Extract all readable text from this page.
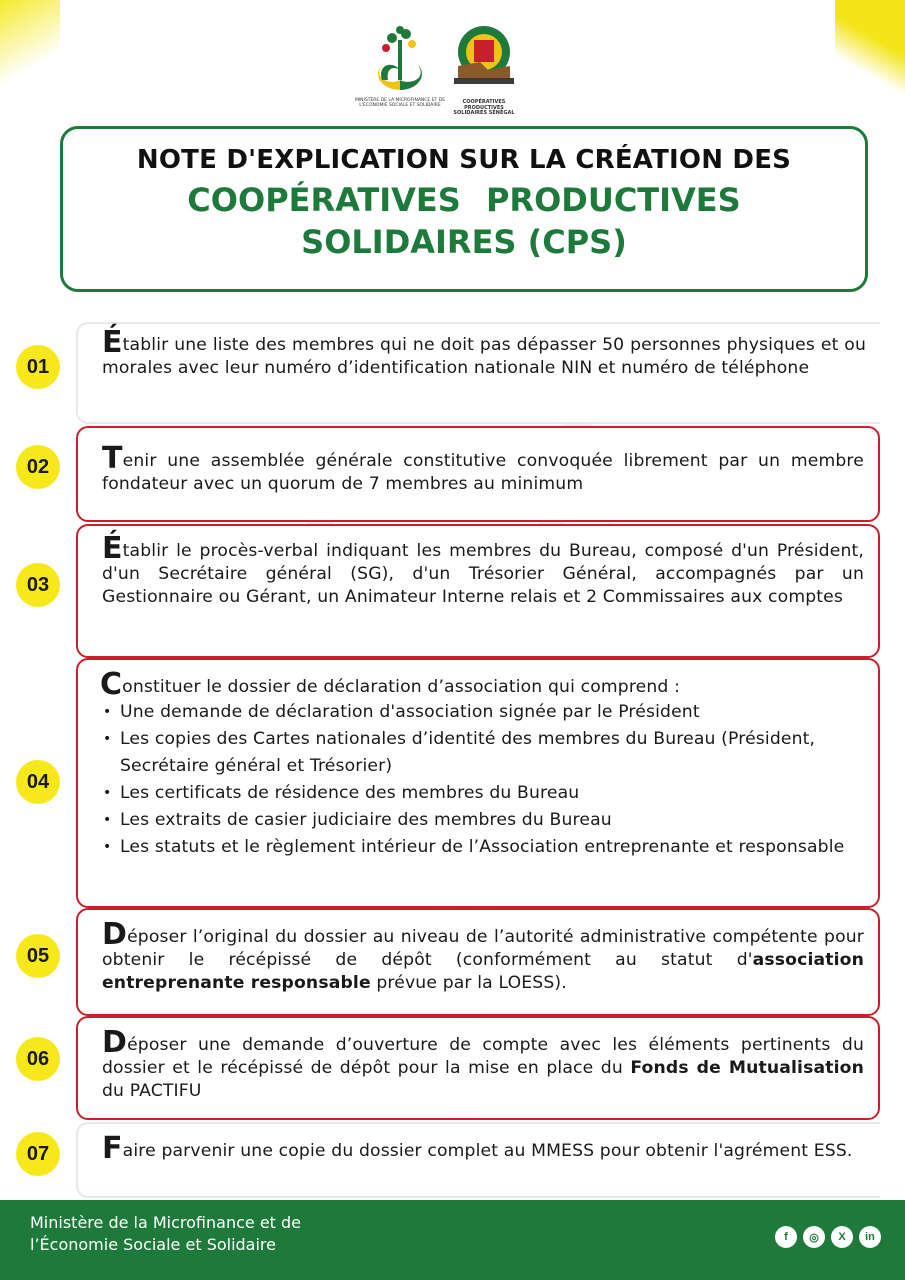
MINISTÈRE DE LA MICROFINANCE ET DE L'ÉCONOMIE SOCIALE ET SOLIDAIRE
COOPÉRATIVES PRODUCTIVES SOLIDAIRES SÉNÉGAL
NOTE D'EXPLICATION SUR LA CRÉATION DES
COOPÉRATIVES PRODUCTIVES
SOLIDAIRES (CPS)
01
Établir une liste des membres qui ne doit pas dépasser 50 personnes physiques et ou morales avec leur numéro d’identification nationale NIN et numéro de téléphone
02	Tenir une assemblée générale constitutive convoquée librement par un membre fondateur avec un quorum de 7 membres au minimum
03
Établir le procès-verbal indiquant les membres du Bureau, composé d'un Président, d'un Secrétaire général (SG), d'un Trésorier Général, accompagnés par un Gestionnaire ou Gérant, un Animateur Interne relais et 2 Commissaires aux comptes
04
Constituer le dossier de déclaration d’association qui comprend :
• Une demande de déclaration d'association signée par le Président
• Les copies des Cartes nationales d’identité des membres du Bureau (Président, Secrétaire général et Trésorier)
• Les certificats de résidence des membres du Bureau
• Les extraits de casier judiciaire des membres du Bureau
• Les statuts et le règlement intérieur de l’Association entreprenante et responsable
05
Déposer l’original du dossier au niveau de l’autorité administrative compétente pour obtenir le récépissé de dépôt (conformément au statut d'association entreprenante responsable prévue par la LOESS).
06	Déposer une demande d’ouverture de compte avec les éléments pertinents du dossier et le récépissé de dépôt pour la mise en place du Fonds de Mutualisation du PACTIFU
07	Faire parvenir une copie du dossier complet au MMESS pour obtenir l'agrément ESS.
Ministère de la Microfinance et de
l’Économie Sociale et Solidaire	f	◎	X	in
